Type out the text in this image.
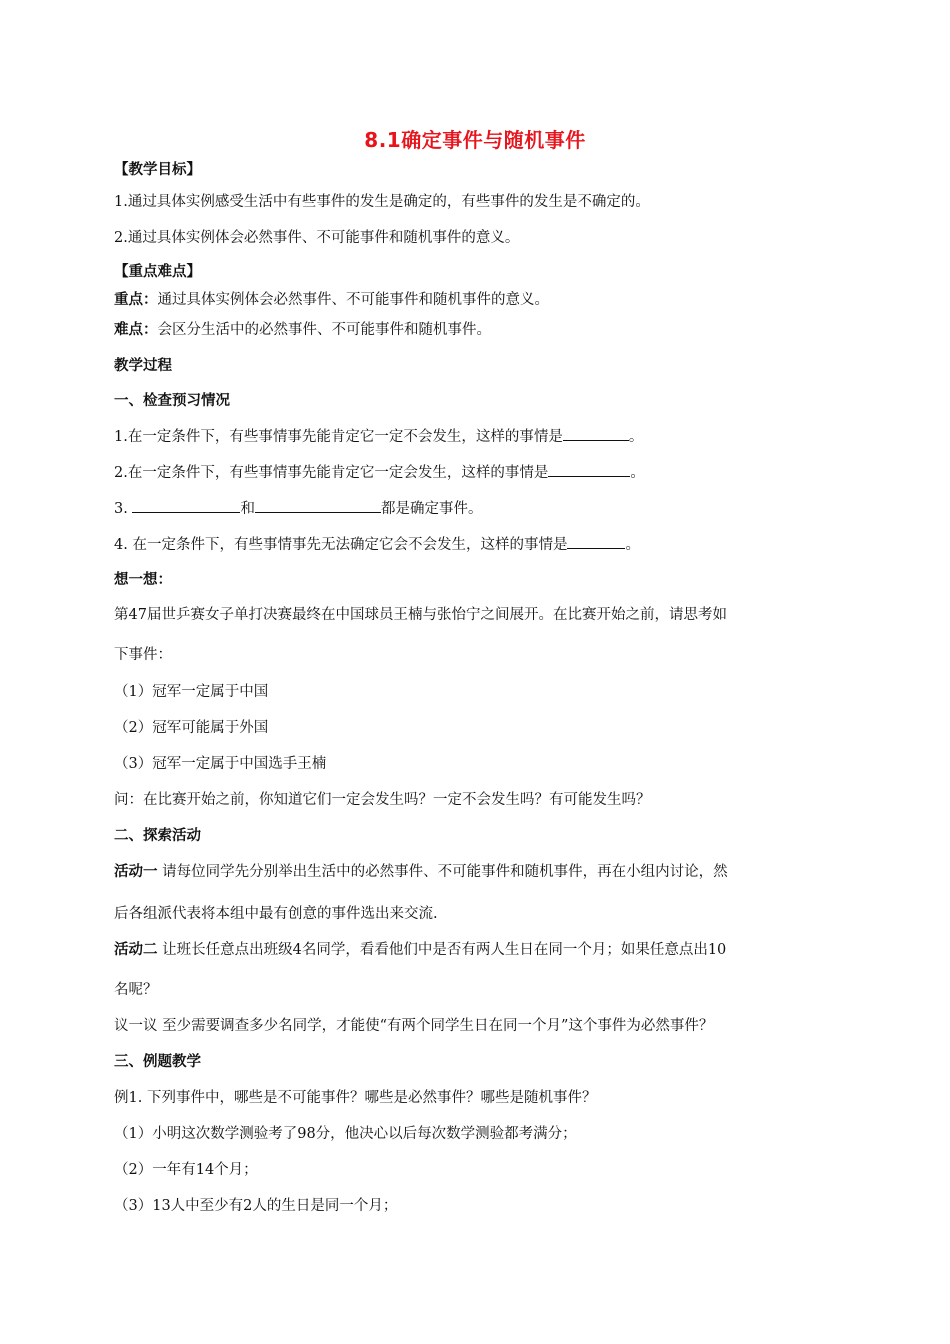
8.1确定事件与随机事件
【教学目标】
1.通过具体实例感受生活中有些事件的发生是确定的，有些事件的发生是不确定的。
2.通过具体实例体会必然事件、不可能事件和随机事件的意义。
【重点难点】
重点：通过具体实例体会必然事件、不可能事件和随机事件的意义。
难点：会区分生活中的必然事件、不可能事件和随机事件。
教学过程
一、检查预习情况
1.在一定条件下，有些事情事先能肯定它一定不会发生，这样的事情是	。
2.在一定条件下，有些事情事先能肯定它一定会发生，这样的事情是	。
3.	和	都是确定事件。
4. 在一定条件下，有些事情事先无法确定它会不会发生，这样的事情是	。
想一想：
第47届世乒赛女子单打决赛最终在中国球员王楠与张怡宁之间展开。在比赛开始之前，请思考如
下事件：
（1）冠军一定属于中国
（2）冠军可能属于外国
（3）冠军一定属于中国选手王楠
问：在比赛开始之前，你知道它们一定会发生吗？一定不会发生吗？有可能发生吗？
二、探索活动
活动一 请每位同学先分别举出生活中的必然事件、不可能事件和随机事件，再在小组内讨论，然
后各组派代表将本组中最有创意的事件选出来交流.
活动二 让班长任意点出班级4名同学，看看他们中是否有两人生日在同一个月；如果任意点出10
名呢？
议一议 至少需要调查多少名同学，才能使“有两个同学生日在同一个月”这个事件为必然事件？
三、例题教学
例1. 下列事件中，哪些是不可能事件？哪些是必然事件？哪些是随机事件？
（1）小明这次数学测验考了98分，他决心以后每次数学测验都考满分；
（2）一年有14个月；
（3）13人中至少有2人的生日是同一个月；
